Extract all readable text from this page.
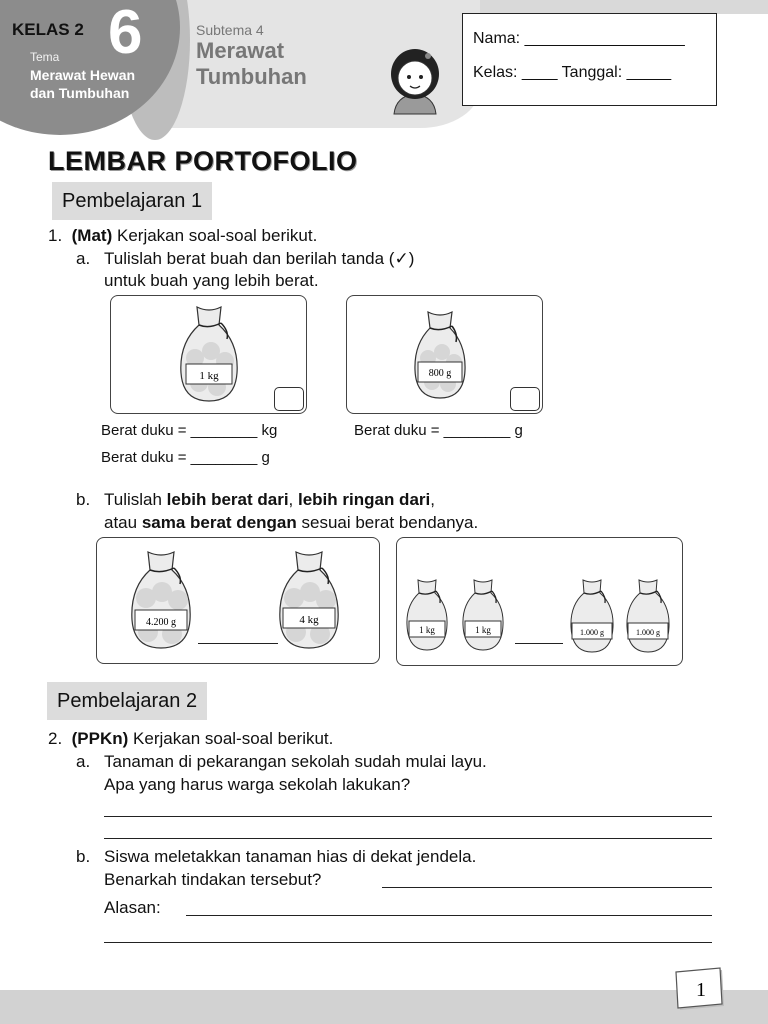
KELAS 2 6
Tema
Merawat Hewan
dan Tumbuhan
Subtema 4
Merawat
Tumbuhan
Nama: __________________
Kelas: ____ Tanggal: _____
LEMBAR PORTOFOLIO
Pembelajaran 1
1. (Mat) Kerjakan soal-soal berikut.
a. Tulislah berat buah dan berilah tanda (✓)
untuk buah yang lebih berat.
1 kg	800 g
Berat duku = ________ kg	Berat duku = ________ g
Berat duku = ________ g
b. Tulislah lebih berat dari, lebih ringan dari,
atau sama berat dengan sesuai berat bendanya.
4.200 g	4 kg
1 kg	1 kg	1.000 g	1.000 g
Pembelajaran 2
2. (PPKn) Kerjakan soal-soal berikut.
a. Tanaman di pekarangan sekolah sudah mulai layu.
Apa yang harus warga sekolah lakukan?
b. Siswa meletakkan tanaman hias di dekat jendela.
Benarkah tindakan tersebut?
Alasan:
1
